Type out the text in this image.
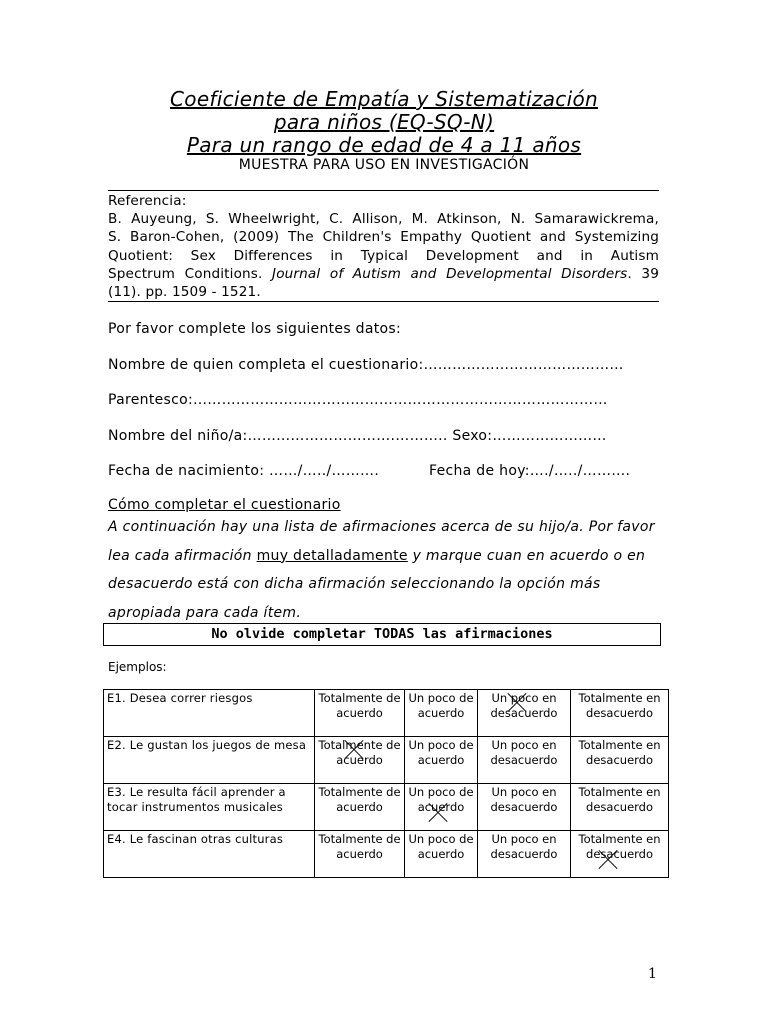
Coeficiente de Empatía y Sistematización
para niños (EQ-SQ-N)
Para un rango de edad de 4 a 11 años
MUESTRA PARA USO EN INVESTIGACIÓN
Referencia:
B. Auyeung, S. Wheelwright, C. Allison, M. Atkinson, N. Samarawickrema,
S. Baron-Cohen, (2009) The Children's Empathy Quotient and Systemizing
Quotient: Sex Differences in Typical Development and in Autism
Spectrum Conditions. Journal of Autism and Developmental Disorders. 39
(11). pp. 1509 - 1521.
Por favor complete los siguientes datos:
Nombre de quien completa el cuestionario:……………………………………
Parentesco:……………………………………………………………………………
Nombre del niño/a:………………………….……….. Sexo:……………………
Fecha de nacimiento: ……/…../……….	Fecha de hoy:…./…../……….
Cómo completar el cuestionario
A continuación hay una lista de afirmaciones acerca de su hijo/a. Por favor lea cada afirmación muy detalladamente y marque cuan en acuerdo o en desacuerdo está con dicha afirmación seleccionando la opción más apropiada para cada ítem.
No olvide completar TODAS las afirmaciones
Ejemplos:
E1. Desea correr riesgos	Totalmente de acuerdo	Un poco de acuerdo	Un poco en desacuerdo	Totalmente en desacuerdo
E2. Le gustan los juegos de mesa	Totalmente de acuerdo	Un poco de acuerdo	Un poco en desacuerdo	Totalmente en desacuerdo
E3. Le resulta fácil aprender a tocar instrumentos musicales	Totalmente de acuerdo	Un poco de acuerdo	Un poco en desacuerdo	Totalmente en desacuerdo
E4. Le fascinan otras culturas	Totalmente de acuerdo	Un poco de acuerdo	Un poco en desacuerdo	Totalmente en desacuerdo
1
